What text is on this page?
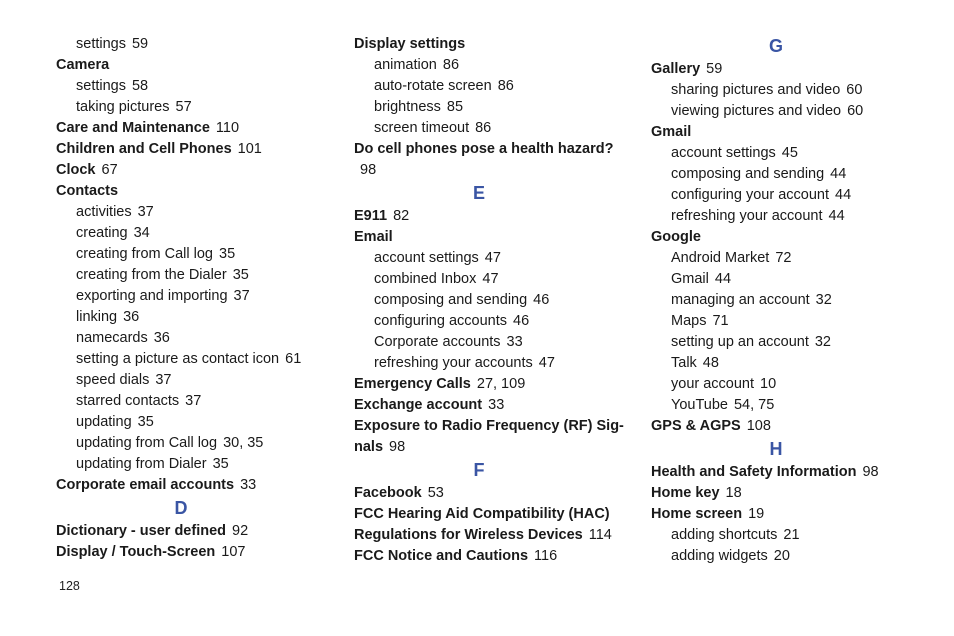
settings 59
Camera
settings 58
taking pictures 57
Care and Maintenance 110
Children and Cell Phones 101
Clock 67
Contacts
activities 37
creating 34
creating from Call log 35
creating from the Dialer 35
exporting and importing 37
linking 36
namecards 36
setting a picture as contact icon 61
speed dials 37
starred contacts 37
updating 35
updating from Call log 30, 35
updating from Dialer 35
Corporate email accounts 33
D
Dictionary - user defined 92
Display / Touch-Screen 107
Display settings
animation 86
auto-rotate screen 86
brightness 85
screen timeout 86
Do cell phones pose a health hazard?98
E
E911 82
Email
account settings 47
combined Inbox 47
composing and sending 46
configuring accounts 46
Corporate accounts 33
refreshing your accounts 47
Emergency Calls 27, 109
Exchange account 33
Exposure to Radio Frequency (RF) Sig-nals 98
F
Facebook 53
FCC Hearing Aid Compatibility (HAC)
Regulations for Wireless Devices 114
FCC Notice and Cautions 116
G
Gallery 59
sharing pictures and video 60
viewing pictures and video 60
Gmail
account settings 45
composing and sending 44
configuring your account 44
refreshing your account 44
Google
Android Market 72
Gmail 44
managing an account 32
Maps 71
setting up an account 32
Talk 48
your account 10
YouTube 54, 75
GPS & AGPS 108
H
Health and Safety Information 98
Home key 18
Home screen 19
adding shortcuts 21
adding widgets 20
128
